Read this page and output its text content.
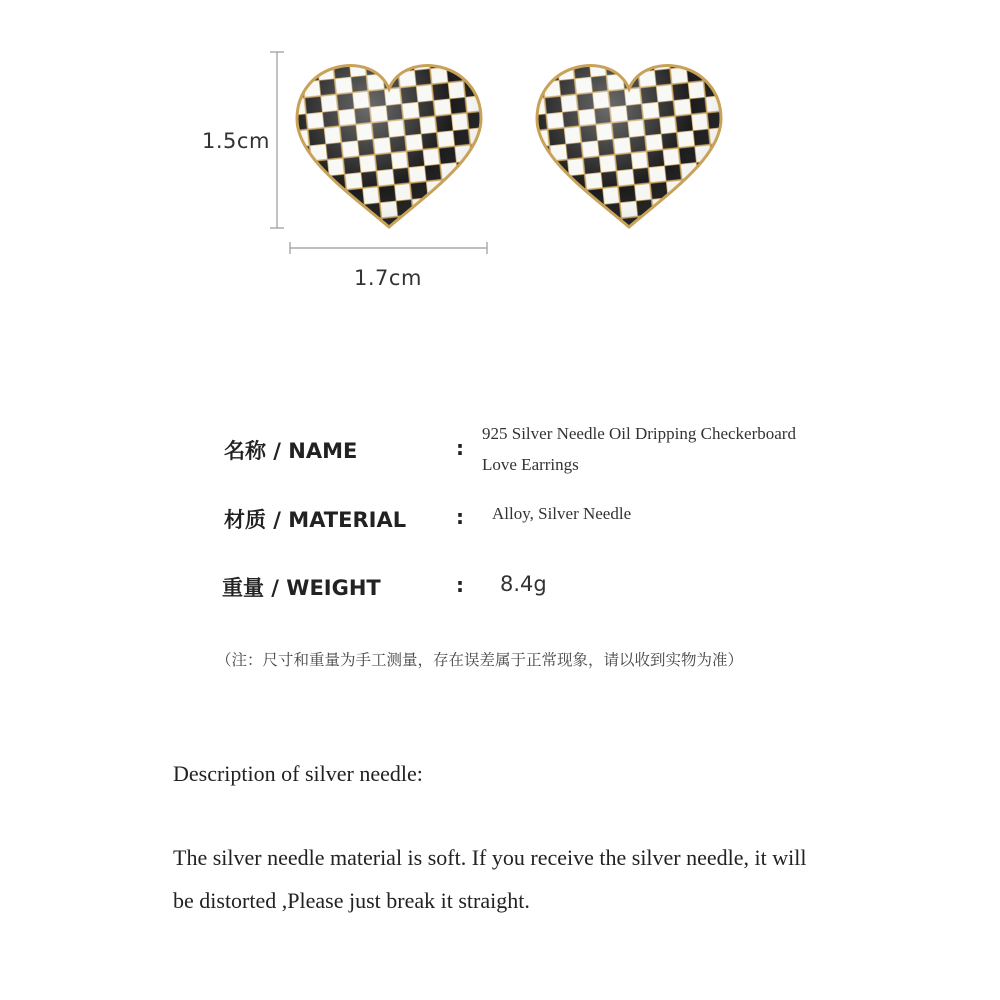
1.5cm
1.7cm
名称 / NAME	:
925 Silver Needle Oil Dripping Checkerboard
Love Earrings
材质 / MATERIAL : Alloy, Silver Needle
重量 / WEIGHT	: 8.4g
（注：尺寸和重量为手工测量，存在误差属于正常现象，请以收到实物为准）
Description of silver needle:
The silver needle material is soft. If you receive the silver needle, it will
be distorted ,Please just break it straight.
